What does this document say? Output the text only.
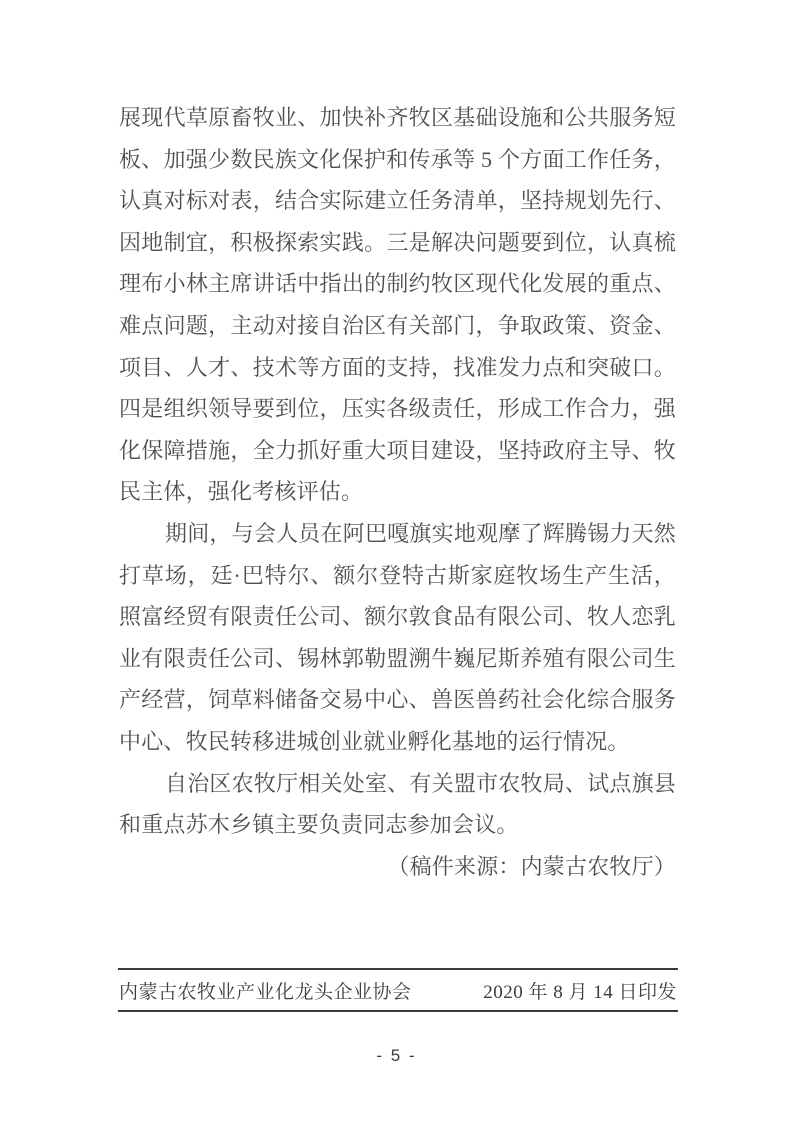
展现代草原畜牧业、加快补齐牧区基础设施和公共服务短
板、加强少数民族文化保护和传承等 5 个方面工作任务，
认真对标对表，结合实际建立任务清单，坚持规划先行、
因地制宜，积极探索实践。三是解决问题要到位，认真梳
理布小林主席讲话中指出的制约牧区现代化发展的重点、
难点问题，主动对接自治区有关部门，争取政策、资金、
项目、人才、技术等方面的支持，找准发力点和突破口。
四是组织领导要到位，压实各级责任，形成工作合力，强
化保障措施，全力抓好重大项目建设，坚持政府主导、牧
民主体，强化考核评估。
期间，与会人员在阿巴嘎旗实地观摩了辉腾锡力天然
打草场，廷·巴特尔、额尔登特古斯家庭牧场生产生活，
照富经贸有限责任公司、额尔敦食品有限公司、牧人恋乳
业有限责任公司、锡林郭勒盟溯牛巍尼斯养殖有限公司生
产经营，饲草料储备交易中心、兽医兽药社会化综合服务
中心、牧民转移进城创业就业孵化基地的运行情况。
自治区农牧厅相关处室、有关盟市农牧局、试点旗县
和重点苏木乡镇主要负责同志参加会议。
（稿件来源：内蒙古农牧厅）
内蒙古农牧业产业化龙头企业协会	2020 年 8 月 14 日印发
- 5 -
